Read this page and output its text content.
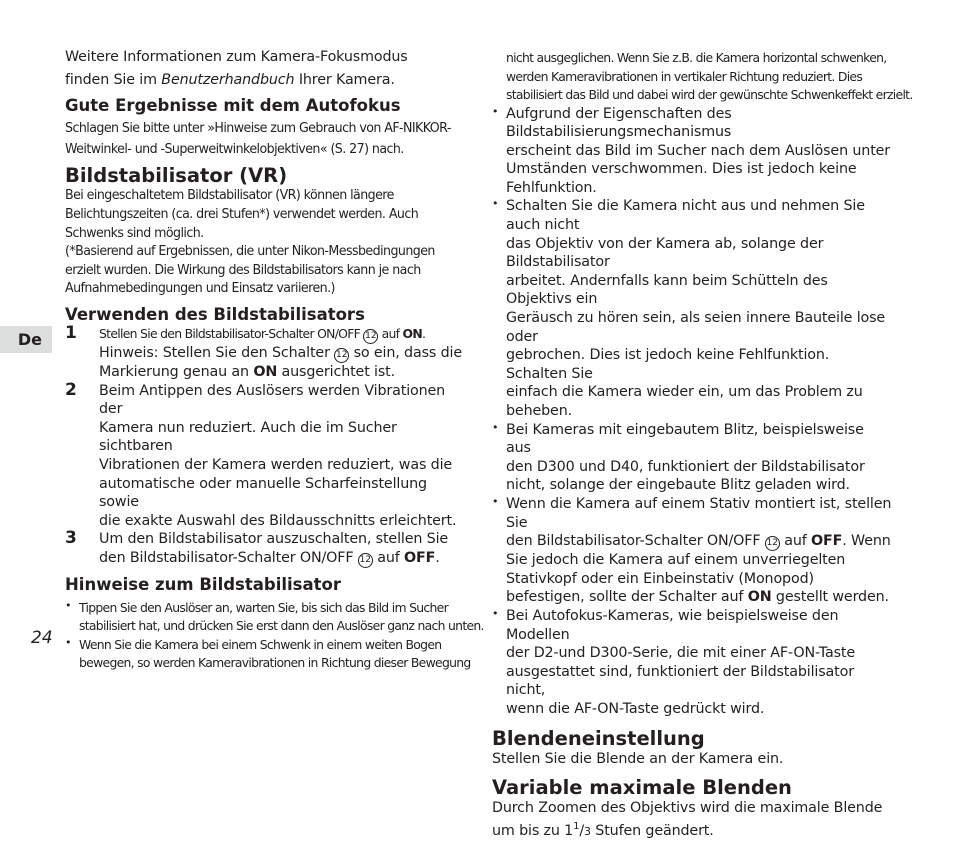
De

Weitere Informationen zum Kamera-Fokusmodus

finden Sie im Benutzerhandbuch Ihrer Kamera.

Gute Ergebnisse mit dem Autofokus

Schlagen Sie bitte unter »Hinweise zum Gebrauch von AF-NIKKOR-

Weitwinkel- und -Superweitwinkelobjektiven« (S. 27) nach.

Bildstabilisator (VR)

Bei eingeschaltetem Bildstabilisator (VR) können längere

Belichtungszeiten (ca. drei Stufen*) verwendet werden. Auch

Schwenks sind möglich.

(*Basierend auf Ergebnissen, die unter Nikon-Messbedingungen

erzielt wurden. Die Wirkung des Bildstabilisators kann je nach

Aufnahmebedingungen und Einsatz variieren.)

Verwenden des Bildstabilisators
1 Stellen Sie den Bildstabilisator-Schalter ON/OFF 12 auf ON.

Hinweis: Stellen Sie den Schalter 12 so ein, dass die

Markierung genau an ON ausgerichtet ist.

2 Beim Antippen des Auslösers werden Vibrationen der

Kamera nun reduziert. Auch die im Sucher sichtbaren

Vibrationen der Kamera werden reduziert, was die

automatische oder manuelle Scharfeinstellung sowie

die exakte Auswahl des Bildausschnitts erleichtert.

3 Um den Bildstabilisator auszuschalten, stellen Sie

den Bildstabilisator-Schalter ON/OFF 12 auf OFF.

Hinweise zum Bildstabilisator

• Tippen Sie den Auslöser an, warten Sie, bis sich das Bild im Sucher

stabilisiert hat, und drücken Sie erst dann den Auslöser ganz nach unten.

• Wenn Sie die Kamera bei einem Schwenk in einem weiten Bogen

bewegen, so werden Kameravibrationen in Richtung dieser Bewegung

nicht ausgeglichen. Wenn Sie z.B. die Kamera horizontal schwenken,

werden Kameravibrationen in vertikaler Richtung reduziert. Dies

stabilisiert das Bild und dabei wird der gewünschte Schwenkeffekt erzielt.

• Aufgrund der Eigenschaften des Bildstabilisierungsmechanismus

erscheint das Bild im Sucher nach dem Auslösen unter

Umständen verschwommen. Dies ist jedoch keine Fehlfunktion.

• Schalten Sie die Kamera nicht aus und nehmen Sie auch nicht

das Objektiv von der Kamera ab, solange der Bildstabilisator

arbeitet. Andernfalls kann beim Schütteln des Objektivs ein

Geräusch zu hören sein, als seien innere Bauteile lose oder

gebrochen. Dies ist jedoch keine Fehlfunktion. Schalten Sie

einfach die Kamera wieder ein, um das Problem zu beheben.

• Bei Kameras mit eingebautem Blitz, beispielsweise aus

den D300 und D40, funktioniert der Bildstabilisator

nicht, solange der eingebaute Blitz geladen wird.

• Wenn die Kamera auf einem Stativ montiert ist, stellen Sie

den Bildstabilisator-Schalter ON/OFF 12 auf OFF. Wenn

Sie jedoch die Kamera auf einem unverriegelten

Stativkopf oder ein Einbeinstativ (Monopod)

befestigen, sollte der Schalter auf ON gestellt werden.

• Bei Autofokus-Kameras, wie beispielsweise den Modellen

der D2-und D300-Serie, die mit einer AF-ON-Taste

ausgestattet sind, funktioniert der Bildstabilisator nicht,

wenn die AF-ON-Taste gedrückt wird.

Blendeneinstellung

Stellen Sie die Blende an der Kamera ein.

Variable maximale Blenden

Durch Zoomen des Objektivs wird die maximale Blende

um bis zu $1^1/3$ Stufen geändert.

24
